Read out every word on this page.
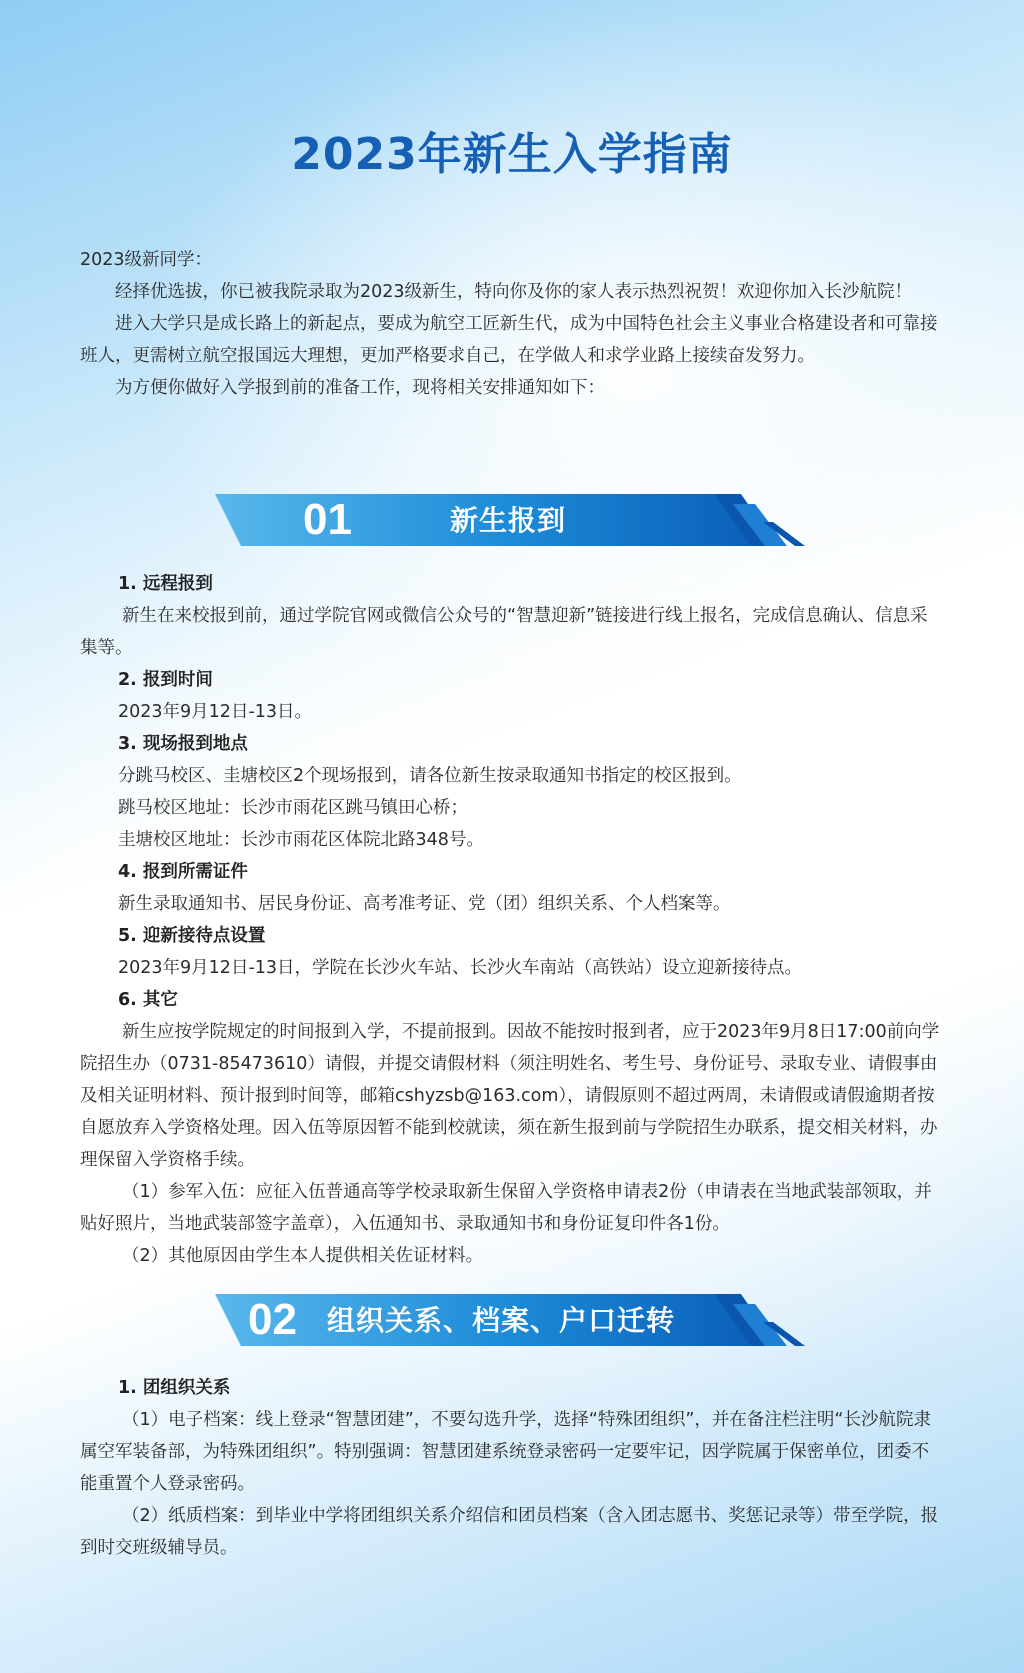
2023年新生入学指南

2023级新同学：

经择优选拔，你已被我院录取为2023级新生，特向你及你的家人表示热烈祝贺！欢迎你加入长沙航院！

进入大学只是成长路上的新起点，要成为航空工匠新生代，成为中国特色社会主义事业合格建设者和可靠接班人，更需树立航空报国远大理想，更加严格要求自己，在学做人和求学业路上接续奋发努力。

为方便你做好入学报到前的准备工作，现将相关安排通知如下：

01	新生报到

1. 远程报到

新生在来校报到前，通过学院官网或微信公众号的“智慧迎新”链接进行线上报名，完成信息确认、信息采集等。

2. 报到时间

2023年9月12日-13日。

3. 现场报到地点

分跳马校区、圭塘校区2个现场报到，请各位新生按录取通知书指定的校区报到。

跳马校区地址：长沙市雨花区跳马镇田心桥；

圭塘校区地址：长沙市雨花区体院北路348号。

4. 报到所需证件

新生录取通知书、居民身份证、高考准考证、党（团）组织关系、个人档案等。

5. 迎新接待点设置

2023年9月12日-13日，学院在长沙火车站、长沙火车南站（高铁站）设立迎新接待点。

6. 其它

新生应按学院规定的时间报到入学，不提前报到。因故不能按时报到者，应于2023年9月8日17:00前向学院招生办（0731-85473610）请假，并提交请假材料（须注明姓名、考生号、身份证号、录取专业、请假事由及相关证明材料、预计报到时间等，邮箱cshyzsb@163.com），请假原则不超过两周，未请假或请假逾期者按自愿放弃入学资格处理。因入伍等原因暂不能到校就读，须在新生报到前与学院招生办联系，提交相关材料，办理保留入学资格手续。

（1）参军入伍：应征入伍普通高等学校录取新生保留入学资格申请表2份（申请表在当地武装部领取，并贴好照片，当地武装部签字盖章），入伍通知书、录取通知书和身份证复印件各1份。

（2）其他原因由学生本人提供相关佐证材料。

02 组织关系、档案、户口迁转

1. 团组织关系

（1）电子档案：线上登录“智慧团建”，不要勾选升学，选择“特殊团组织”，并在备注栏注明“长沙航院隶属空军装备部，为特殊团组织”。特别强调：智慧团建系统登录密码一定要牢记，因学院属于保密单位，团委不能重置个人登录密码。

（2）纸质档案：到毕业中学将团组织关系介绍信和团员档案（含入团志愿书、奖惩记录等）带至学院，报到时交班级辅导员。
